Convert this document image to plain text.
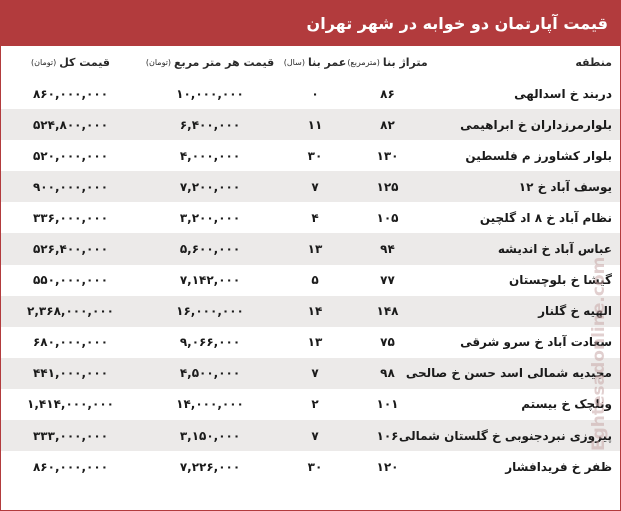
قیمت آپارتمان دو خوابه در شهر تهران
منطقه
متراژ بنا
(مترمربع)
عمر بنا
(سال)
قیمت هر متر مربع
(تومان)
قیمت کل
(تومان)
دربند خ اسدالهی
۸۶
۰
۱۰,۰۰۰,۰۰۰
۸۶۰,۰۰۰,۰۰۰
بلوارمرزداران خ ابراهیمی
۸۲
۱۱
۶,۴۰۰,۰۰۰
۵۲۴,۸۰۰,۰۰۰
بلوار کشاورز م فلسطین
۱۳۰
۳۰
۴,۰۰۰,۰۰۰
۵۲۰,۰۰۰,۰۰۰
یوسف آباد خ ۱۲
۱۲۵
۷
۷,۲۰۰,۰۰۰
۹۰۰,۰۰۰,۰۰۰
نظام آباد خ ۸ اد گلچین
۱۰۵
۴
۳,۲۰۰,۰۰۰
۳۳۶,۰۰۰,۰۰۰
عباس آباد خ اندیشه
۹۴
۱۳
۵,۶۰۰,۰۰۰
۵۲۶,۴۰۰,۰۰۰
گیشا خ بلوچستان
۷۷
۵
۷,۱۴۲,۰۰۰
۵۵۰,۰۰۰,۰۰۰
الهیه خ گلنار
۱۴۸
۱۴
۱۶,۰۰۰,۰۰۰
۲,۳۶۸,۰۰۰,۰۰۰
سعادت آباد خ سرو شرقی
۷۵
۱۳
۹,۰۶۶,۰۰۰
۶۸۰,۰۰۰,۰۰۰
مجیدیه شمالی اسد حسن خ صالحی
۹۸
۷
۴,۵۰۰,۰۰۰
۴۴۱,۰۰۰,۰۰۰
ونلچک خ بیستم
۱۰۱
۲
۱۴,۰۰۰,۰۰۰
۱,۴۱۴,۰۰۰,۰۰۰
پیروزی نبردجنوبی خ گلستان شمالی
۱۰۶
۷
۳,۱۵۰,۰۰۰
۳۳۳,۰۰۰,۰۰۰
ظفر خ فریدافشار
۱۲۰
۳۰
۷,۲۲۶,۰۰۰
۸۶۰,۰۰۰,۰۰۰
Eghtesadonline.com
